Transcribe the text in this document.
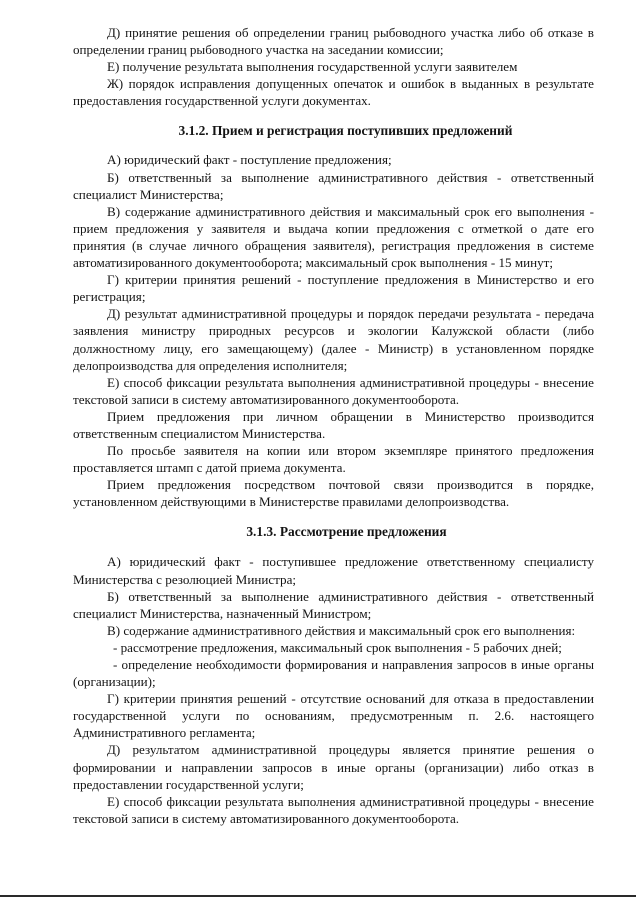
Д) принятие решения об определении границ рыбоводного участка либо об отказе в определении границ рыбоводного участка на заседании комиссии;

Е) получение результата выполнения государственной услуги заявителем

Ж) порядок исправления допущенных опечаток и ошибок в выданных в результате предоставления государственной услуги документах.

3.1.2. Прием и регистрация поступивших предложений

А) юридический факт - поступление предложения;

Б) ответственный за выполнение административного действия - ответственный специалист Министерства;

В) содержание административного действия и максимальный срок его выполнения - прием предложения у заявителя и выдача копии предложения с отметкой о дате его принятия (в случае личного обращения заявителя), регистрация предложения в системе автоматизированного документооборота; максимальный срок выполнения - 15 минут;

Г) критерии принятия решений - поступление предложения в Министерство и его регистрация;

Д) результат административной процедуры и порядок передачи результата - передача заявления министру природных ресурсов и экологии Калужской области (либо должностному лицу, его замещающему) (далее - Министр) в установленном порядке делопроизводства для определения исполнителя;

Е) способ фиксации результата выполнения административной процедуры - внесение текстовой записи в систему автоматизированного документооборота.

Прием предложения при личном обращении в Министерство производится ответственным специалистом Министерства.

По просьбе заявителя на копии или втором экземпляре принятого предложения проставляется штамп с датой приема документа.

Прием предложения посредством почтовой связи производится в порядке, установленном действующими в Министерстве правилами делопроизводства.

3.1.3. Рассмотрение предложения

А) юридический факт - поступившее предложение ответственному специалисту Министерства с резолюцией Министра;

Б) ответственный за выполнение административного действия - ответственный специалист Министерства, назначенный Министром;

В) содержание административного действия и максимальный срок его выполнения:

- рассмотрение предложения, максимальный срок выполнения - 5 рабочих дней;

- определение необходимости формирования и направления запросов в иные органы (организации);

Г) критерии принятия решений - отсутствие оснований для отказа в предоставлении государственной услуги по основаниям, предусмотренным п. 2.6. настоящего Административного регламента;

Д) результатом административной процедуры является принятие решения о формировании и направлении запросов в иные органы (организации) либо отказ в предоставлении государственной услуги;

Е) способ фиксации результата выполнения административной процедуры - внесение текстовой записи в систему автоматизированного документооборота.
